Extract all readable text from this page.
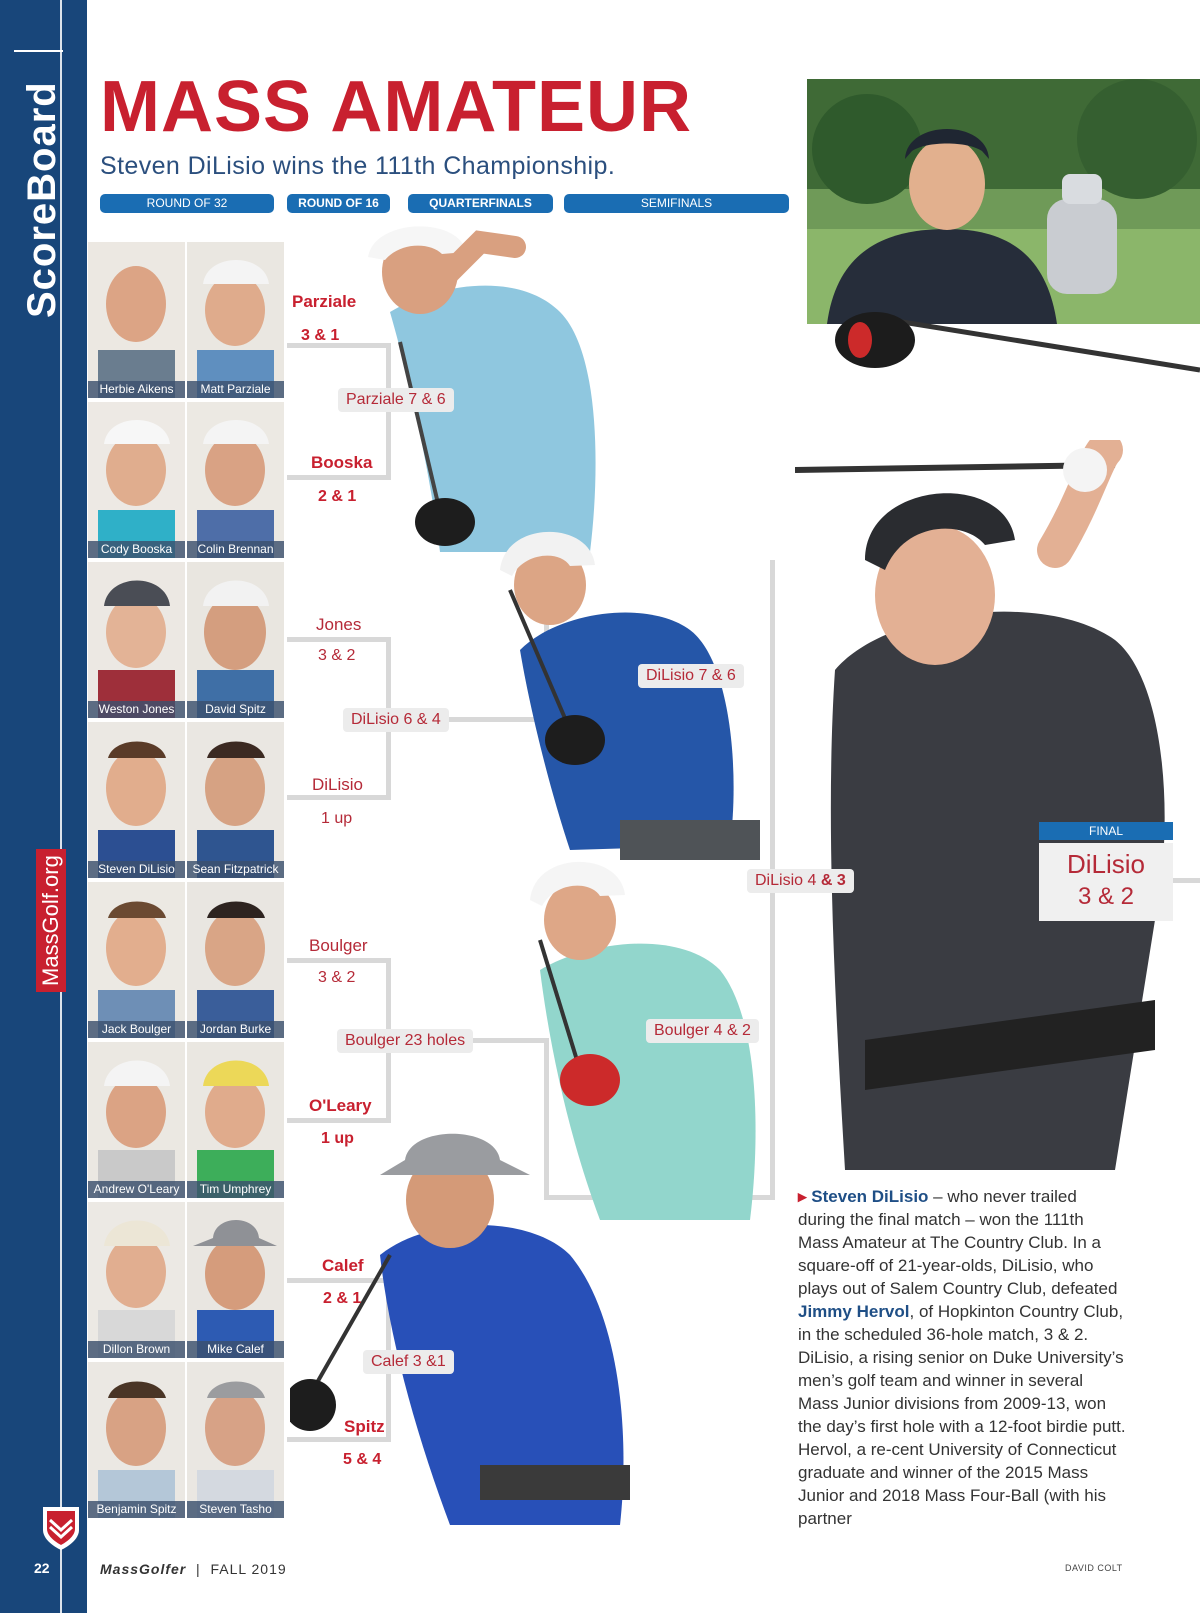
ScoreBoard
MassGolf.org
22
MASS AMATEUR
Steven DiLisio wins the 111th Championship.
ROUND OF 32	ROUND OF 16	QUARTERFINALS	SEMIFINALS
Herbie Aikens	Matt Parziale
Cody Booska	Colin Brennan
Weston Jones	David Spitz
Steven DiLisio	Sean Fitzpatrick
Jack Boulger	Jordan Burke
Andrew O'Leary	Tim Umphrey
Dillon Brown	Mike Calef
Benjamin Spitz	Steven Tasho
Parziale
3 & 1
Booska
2 & 1
Jones
3 & 2
DiLisio
1 up
Boulger
3 & 2
O'Leary
1 up
Calef
2 & 1
Spitz
5 & 4
Parziale 7 & 6
DiLisio 6 & 4
Boulger 23 holes
Calef 3 &1
DiLisio 7 & 6
Boulger 4 & 2
DiLisio 4 & 3
FINAL
DiLisio
3 & 2
▸ Steven DiLisio – who never trailed during the final match – won the 111th Mass Amateur at The Country Club. In a square-off of 21-year-olds, DiLisio, who plays out of Salem Country Club, defeated Jimmy Hervol, of Hopkinton Country Club, in the scheduled 36-hole match, 3 & 2. DiLisio, a rising senior on Duke University’s men’s golf team and winner in several Mass Junior divisions from 2009-13, won the day’s first hole with a 12-foot birdie putt. Hervol, a re-cent University of Connecticut graduate and winner of the 2015 Mass Junior and 2018 Mass Four-Ball (with his partner
MassGolfer  |  FALL 2019	DAVID COLT
